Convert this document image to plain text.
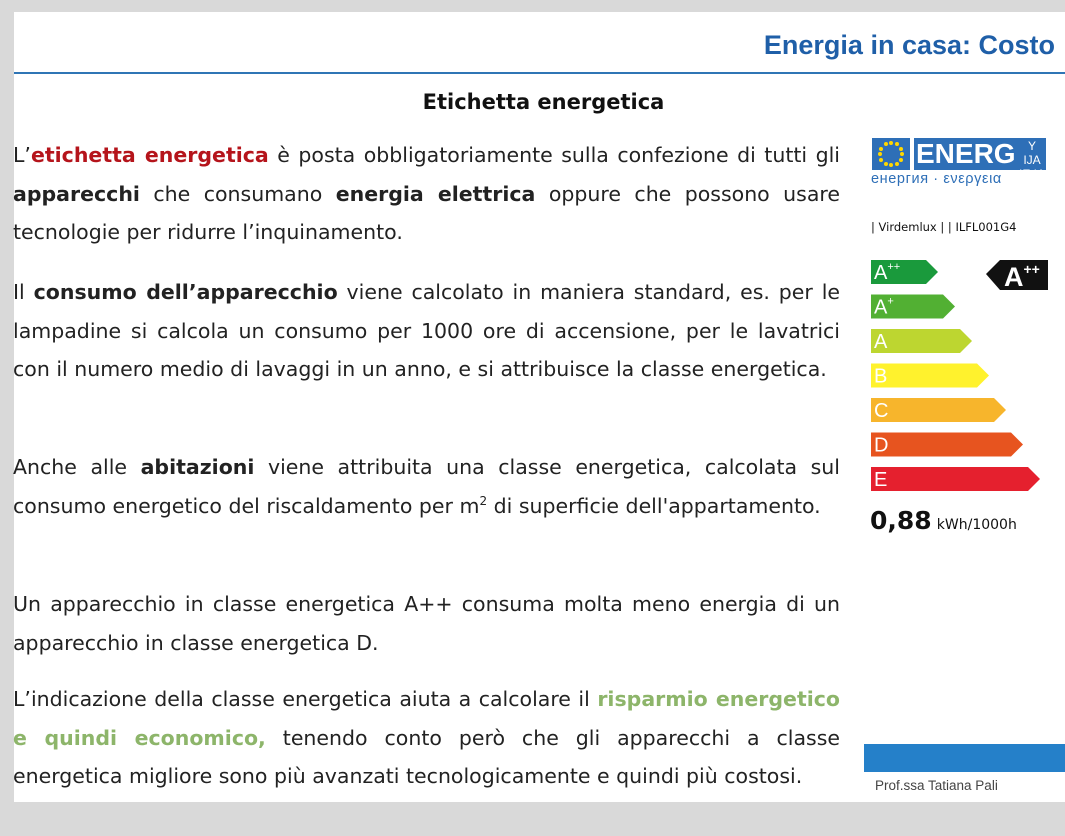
Energia in casa: Costo
Etichetta energetica
L’etichetta energetica è posta obbligatoriamente sulla confezione di tutti gli apparecchi che consumano energia elettrica oppure che possono usare tecnologie per ridurre l’inquinamento.
Il consumo dell’apparecchio viene calcolato in maniera standard, es. per le lampadine si calcola un consumo per 1000 ore di accensione, per le lavatrici con il numero medio di lavaggi in un anno, e si attribuisce la classe energetica.
Anche alle abitazioni viene attribuita una classe energetica, calcolata sul consumo energetico del riscaldamento per $m^2$ di superficie dell'appartamento.
Un apparecchio in classe energetica A++ consuma molta meno energia di un apparecchio in classe energetica D.
L’indicazione della classe energetica aiuta a calcolare il risparmio energetico e quindi economico, tenendo conto però che gli apparecchi a classe energetica migliore sono più avanzati tecnologicamente e quindi più costosi.
ENERG	Y IJA
IE IA
енергия · ενεργεια
| Virdemlux | | ILFL001G4
A++
A+
A
B
C
D
E
A++
0,88 kWh/1000h
Prof.ssa Tatiana Pali
